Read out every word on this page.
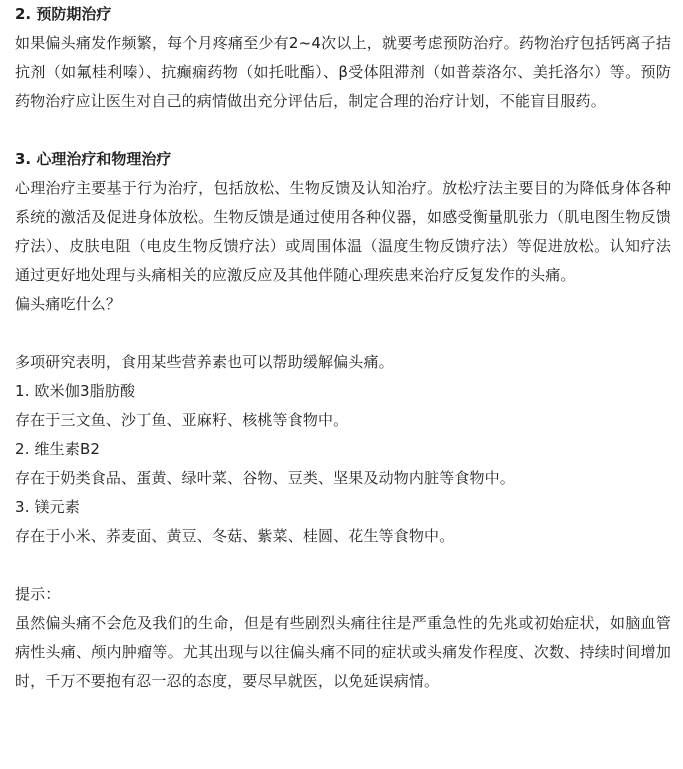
2. 预防期治疗

如果偏头痛发作频繁，每个月疼痛至少有2~4次以上，就要考虑预防治疗。药物治疗包括钙离子拮抗剂（如氟桂利嗪）、抗癫痫药物（如托吡酯）、β受体阻滞剂（如普萘洛尔、美托洛尔）等。预防药物治疗应让医生对自己的病情做出充分评估后，制定合理的治疗计划，不能盲目服药。

3. 心理治疗和物理治疗

心理治疗主要基于行为治疗，包括放松、生物反馈及认知治疗。放松疗法主要目的为降低身体各种系统的激活及促进身体放松。生物反馈是通过使用各种仪器，如感受衡量肌张力（肌电图生物反馈疗法）、皮肤电阻（电皮生物反馈疗法）或周围体温（温度生物反馈疗法）等促进放松。认知疗法通过更好地处理与头痛相关的应激反应及其他伴随心理疾患来治疗反复发作的头痛。

偏头痛吃什么？

多项研究表明，食用某些营养素也可以帮助缓解偏头痛。

1. 欧米伽3脂肪酸

存在于三文鱼、沙丁鱼、亚麻籽、核桃等食物中。

2. 维生素B2

存在于奶类食品、蛋黄、绿叶菜、谷物、豆类、坚果及动物内脏等食物中。

3. 镁元素

存在于小米、荞麦面、黄豆、冬菇、紫菜、桂圆、花生等食物中。

提示：

虽然偏头痛不会危及我们的生命，但是有些剧烈头痛往往是严重急性的先兆或初始症状，如脑血管病性头痛、颅内肿瘤等。尤其出现与以往偏头痛不同的症状或头痛发作程度、次数、持续时间增加时，千万不要抱有忍一忍的态度，要尽早就医，以免延误病情。
